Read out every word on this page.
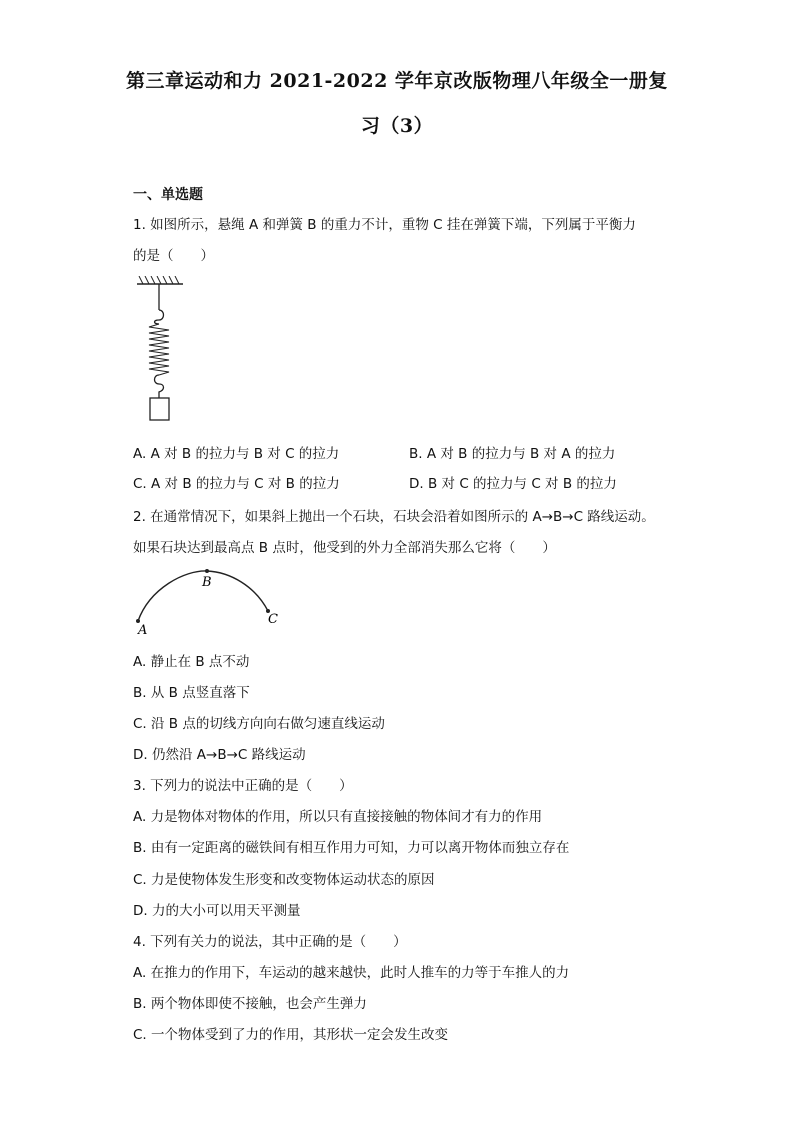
第三章运动和力 2021-2022 学年京改版物理八年级全一册复
习（3）
一、单选题
1. 如图所示，悬绳 A 和弹簧 B 的重力不计，重物 C 挂在弹簧下端，下列属于平衡力
的是（　　）
A. A 对 B 的拉力与 B 对 C 的拉力	B. A 对 B 的拉力与 B 对 A 的拉力
C. A 对 B 的拉力与 C 对 B 的拉力	D. B 对 C 的拉力与 C 对 B 的拉力
2. 在通常情况下，如果斜上抛出一个石块，石块会沿着如图所示的 A→B→C 路线运动。
如果石块达到最高点 B 点时，他受到的外力全部消失那么它将（　　）
A
B
C
A. 静止在 B 点不动
B. 从 B 点竖直落下
C. 沿 B 点的切线方向向右做匀速直线运动
D. 仍然沿 A→B→C 路线运动
3. 下列力的说法中正确的是（　　）
A. 力是物体对物体的作用，所以只有直接接触的物体间才有力的作用
B. 由有一定距离的磁铁间有相互作用力可知，力可以离开物体而独立存在
C. 力是使物体发生形变和改变物体运动状态的原因
D. 力的大小可以用天平测量
4. 下列有关力的说法，其中正确的是（　　）
A. 在推力的作用下，车运动的越来越快，此时人推车的力等于车推人的力
B. 两个物体即使不接触，也会产生弹力
C. 一个物体受到了力的作用，其形状一定会发生改变
